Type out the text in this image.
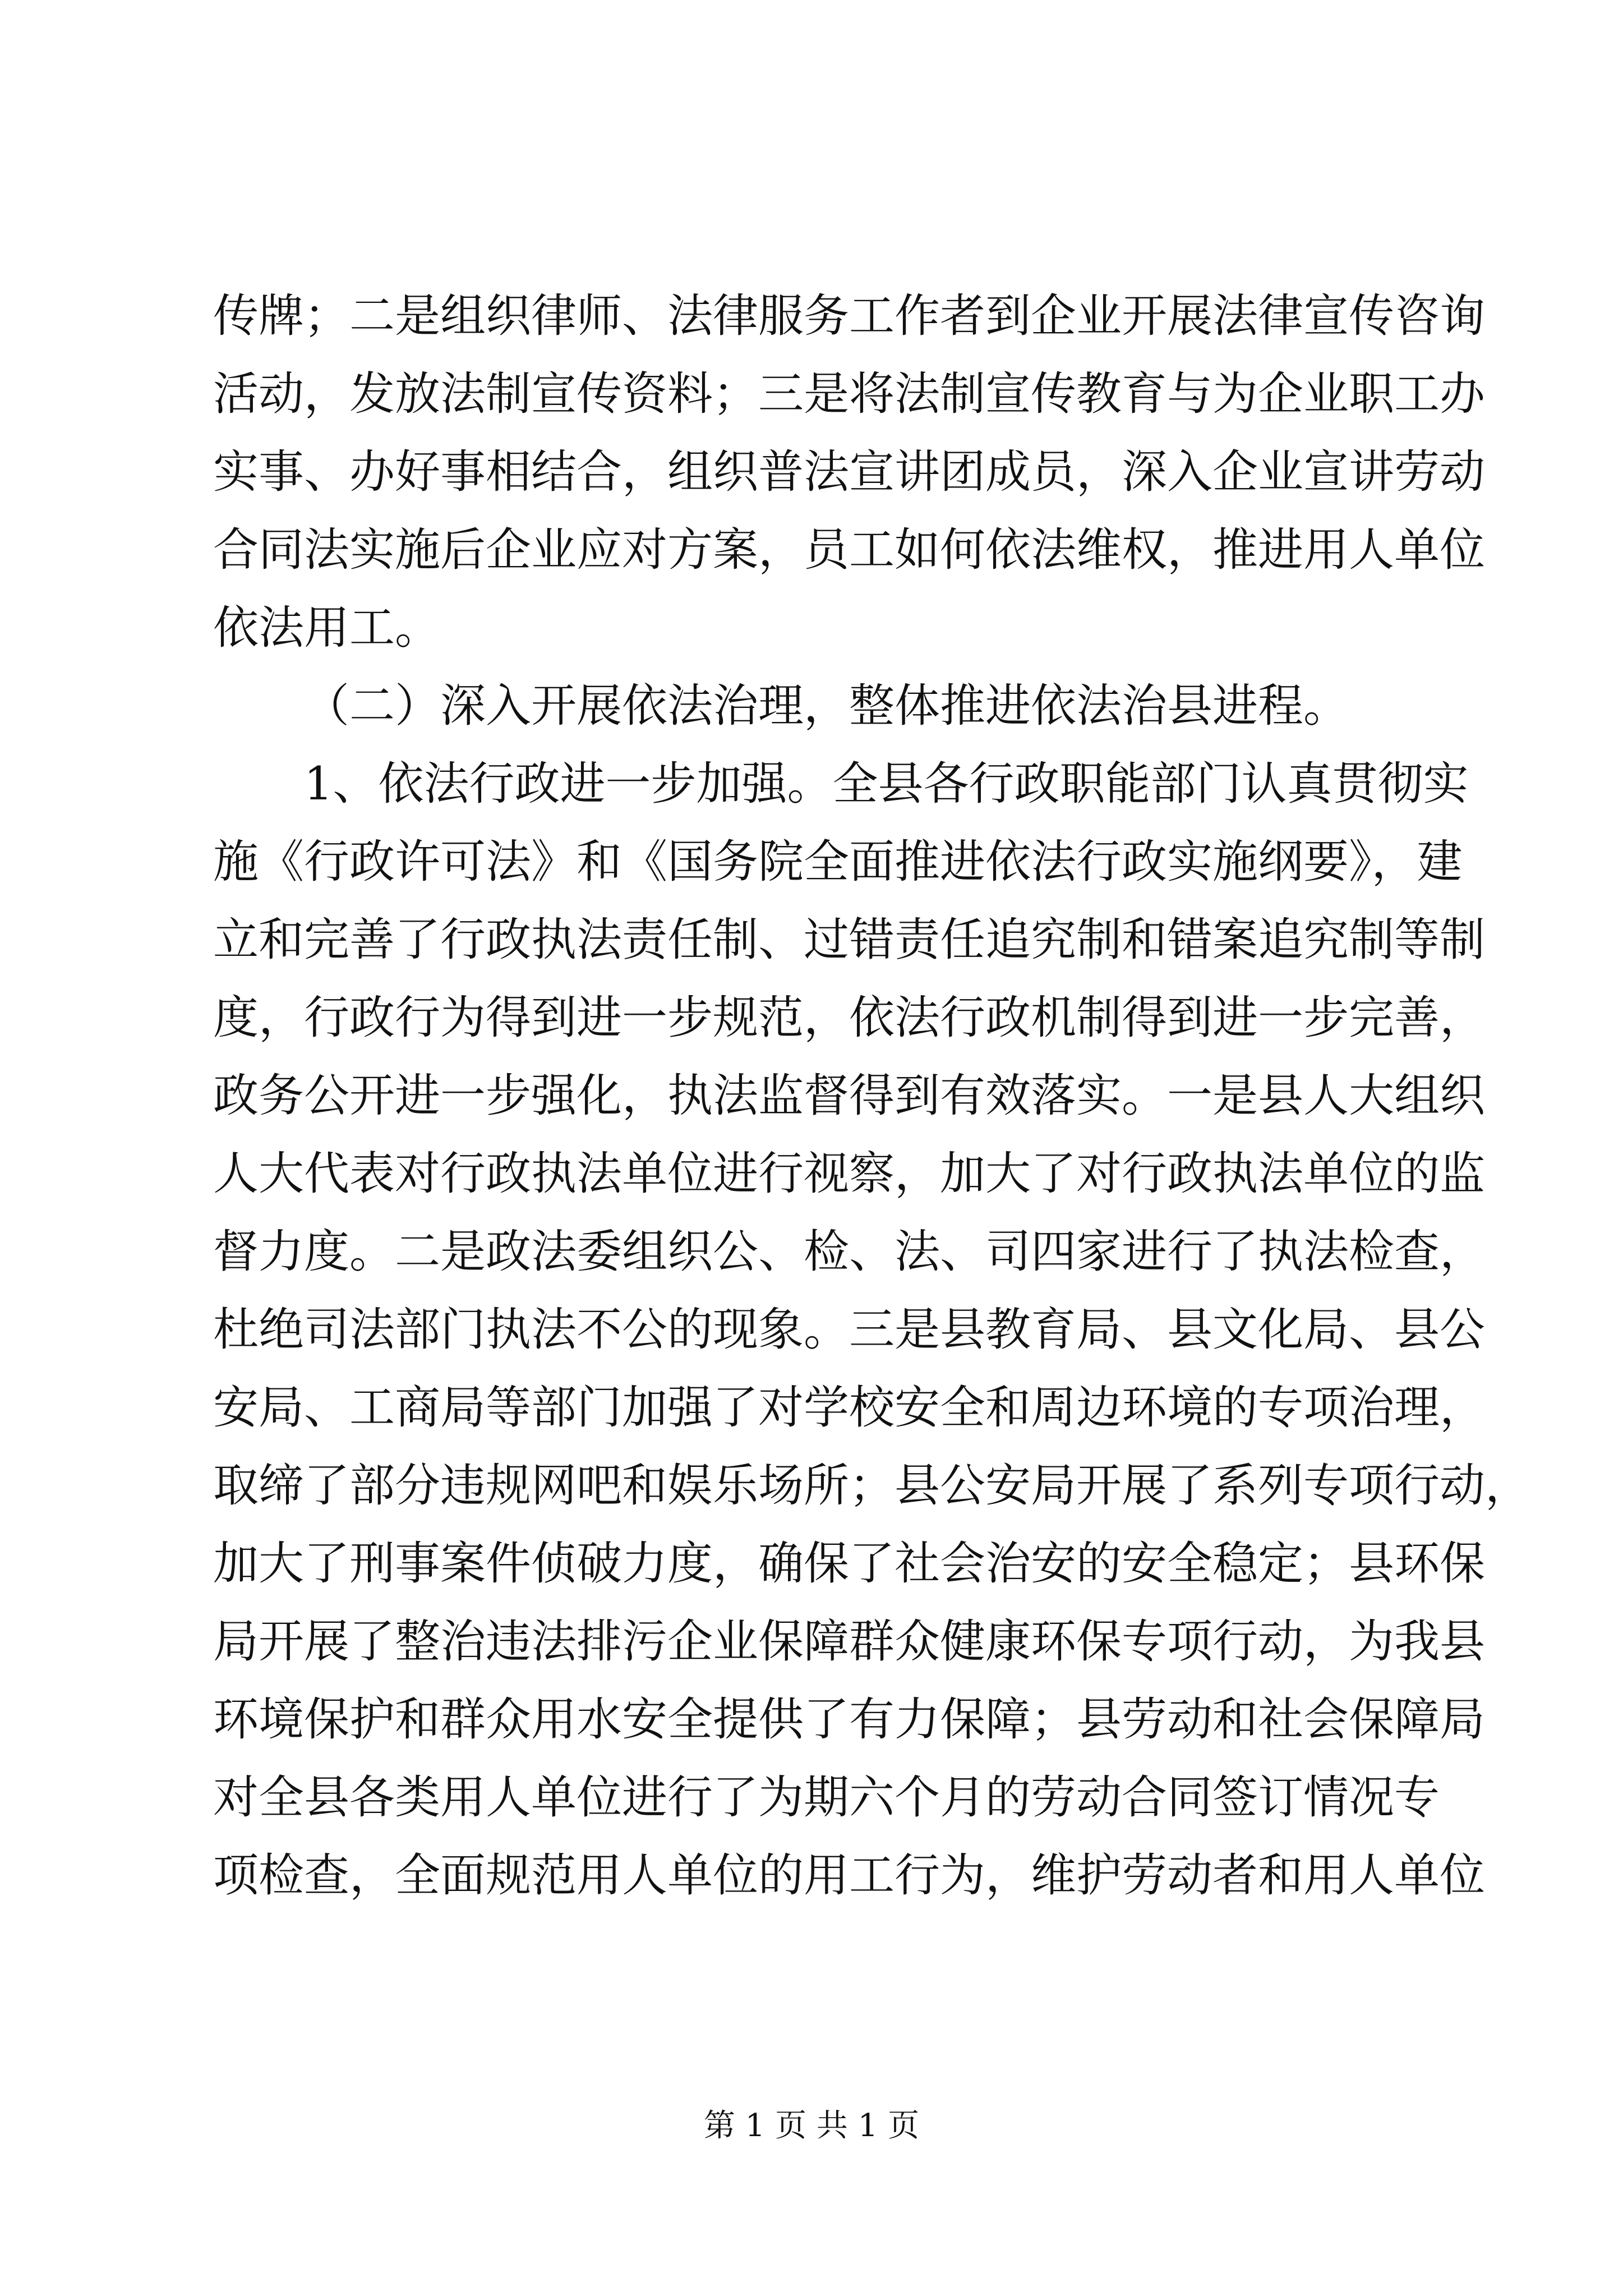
传牌；二是组织律师、法律服务工作者到企业开展法律宣传咨询
活动，发放法制宣传资料；三是将法制宣传教育与为企业职工办
实事、办好事相结合，组织普法宣讲团成员，深入企业宣讲劳动
合同法实施后企业应对方案，员工如何依法维权，推进用人单位
依法用工。
（二）深入开展依法治理，整体推进依法治县进程。
1、依法行政进一步加强。全县各行政职能部门认真贯彻实
施《行政许可法》和《国务院全面推进依法行政实施纲要》，建
立和完善了行政执法责任制、过错责任追究制和错案追究制等制
度，行政行为得到进一步规范，依法行政机制得到进一步完善，
政务公开进一步强化，执法监督得到有效落实。一是县人大组织
人大代表对行政执法单位进行视察，加大了对行政执法单位的监
督力度。二是政法委组织公、检、法、司四家进行了执法检查，
杜绝司法部门执法不公的现象。三是县教育局、县文化局、县公
安局、工商局等部门加强了对学校安全和周边环境的专项治理，
取缔了部分违规网吧和娱乐场所；县公安局开展了系列专项行动，
加大了刑事案件侦破力度，确保了社会治安的安全稳定；县环保
局开展了整治违法排污企业保障群众健康环保专项行动，为我县
环境保护和群众用水安全提供了有力保障；县劳动和社会保障局
对全县各类用人单位进行了为期六个月的劳动合同签订情况专
项检查，全面规范用人单位的用工行为，维护劳动者和用人单位
第 1 页 共 1 页
